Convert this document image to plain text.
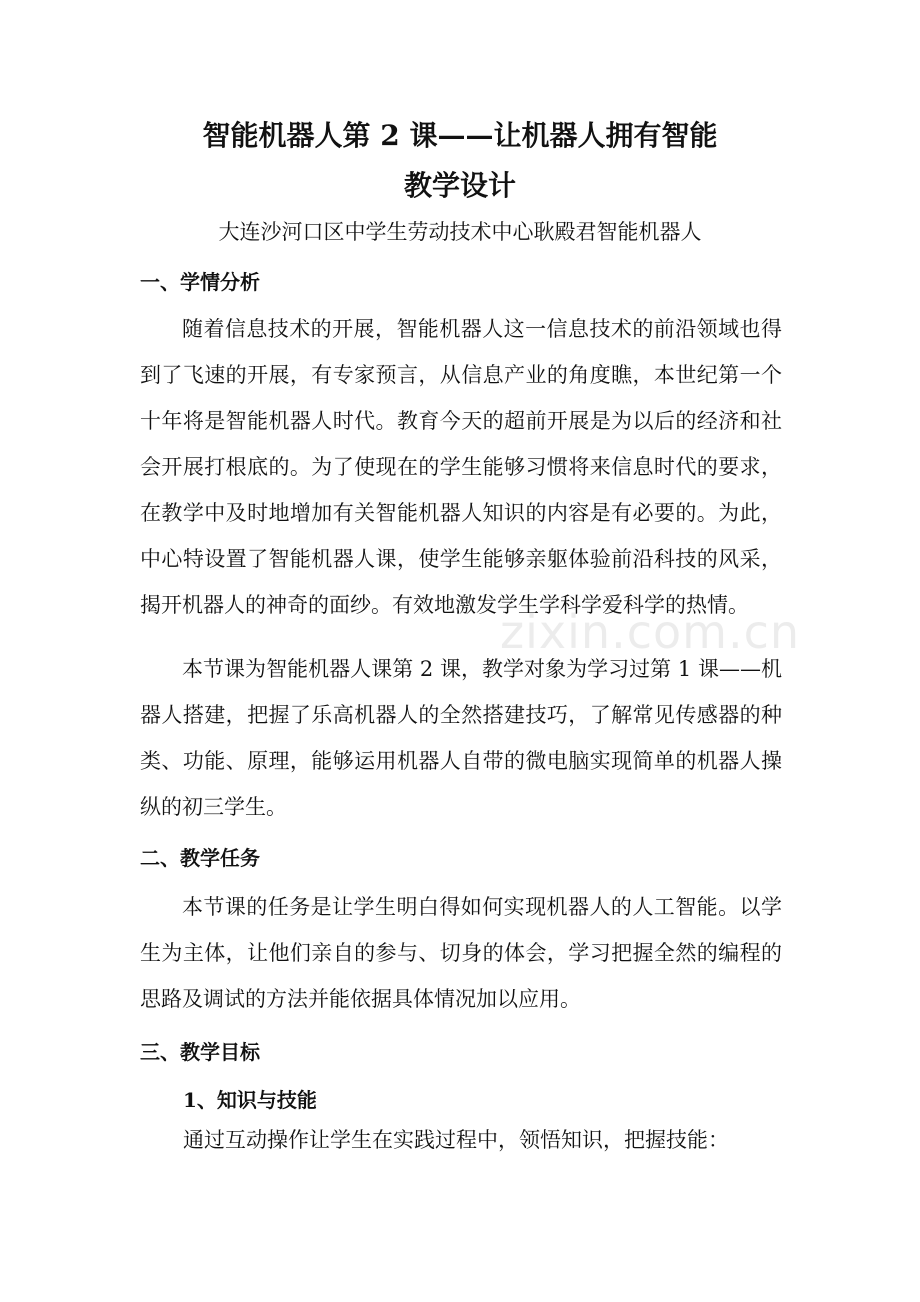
智能机器人第 2 课——让机器人拥有智能
教学设计
大连沙河口区中学生劳动技术中心耿殿君智能机器人
一、学情分析

随着信息技术的开展，智能机器人这一信息技术的前沿领域也得到了飞速的开展，有专家预言，从信息产业的角度瞧，本世纪第一个十年将是智能机器人时代。教育今天的超前开展是为以后的经济和社会开展打根底的。为了使现在的学生能够习惯将来信息时代的要求，在教学中及时地增加有关智能机器人知识的内容是有必要的。为此，中心特设置了智能机器人课，使学生能够亲躯体验前沿科技的风采，揭开机器人的神奇的面纱。有效地激发学生学科学爱科学的热情。

本节课为智能机器人课第 2 课，教学对象为学习过第 1 课——机器人搭建，把握了乐高机器人的全然搭建技巧，了解常见传感器的种类、功能、原理，能够运用机器人自带的微电脑实现简单的机器人操纵的初三学生。

二、教学任务

本节课的任务是让学生明白得如何实现机器人的人工智能。以学生为主体，让他们亲自的参与、切身的体会，学习把握全然的编程的思路及调试的方法并能依据具体情况加以应用。

三、教学目标
1、知识与技能

通过互动操作让学生在实践过程中，领悟知识，把握技能：

zixin.com.cn
